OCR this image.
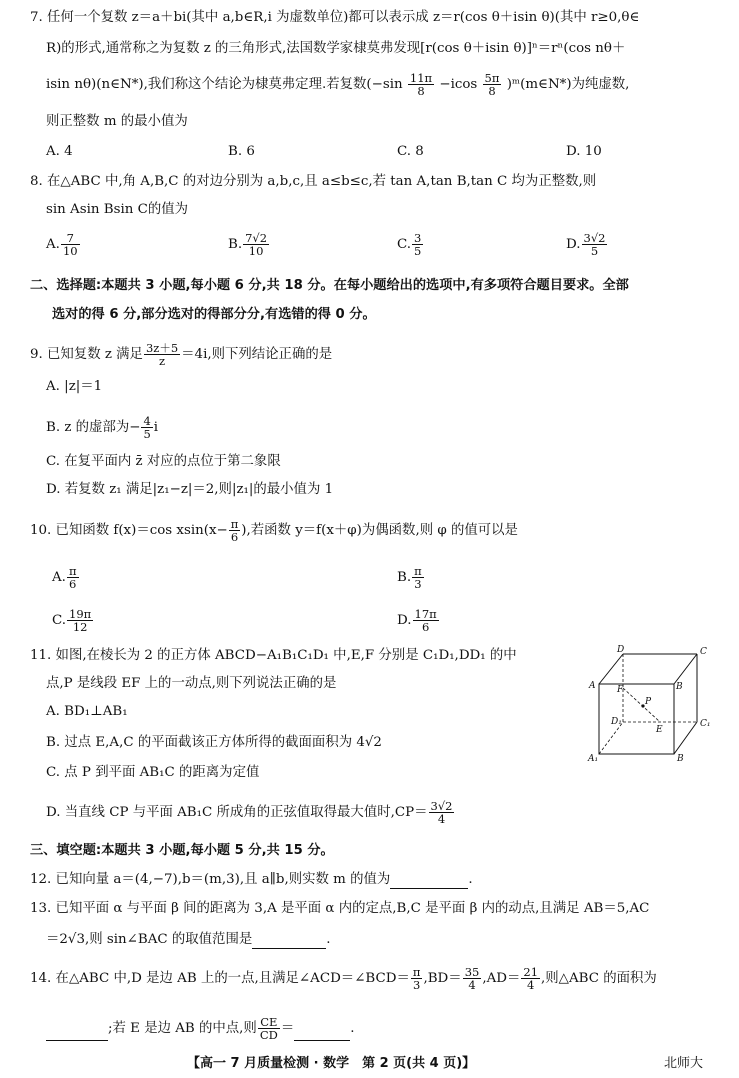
7. 任何一个复数 z＝a＋bi(其中 a,b∈R,i 为虚数单位)都可以表示成 z＝r(cos θ＋isin θ)(其中 r≥0,θ∈
R)的形式,通常称之为复数 z 的三角形式,法国数学家棣莫弗发现[r(cos θ＋isin θ)]ⁿ＝rⁿ(cos nθ＋
isin nθ)(n∈N*),我们称这个结论为棣莫弗定理.若复数($-\sin \frac{11\pi}{8} -icos \frac{5\pi}{8}$ )ᵐ(m∈N*)为纯虚数,
则正整数 m 的最小值为
A. 4	B. 6	C. 8	D. 10
8. 在△ABC 中,角 A,B,C 的对边分别为 a,b,c,且 a≤b≤c,若 tan A,tan B,tan C 均为正整数,则
sin Asin Bsin C的值为
A. $\frac{7}{10}$	B. $\frac{7√2}{10}$	C. $\frac{3}{5}$	D. $\frac{3√2}{5}$
二、选择题:本题共 3 小题,每小题 6 分,共 18 分。在每小题给出的选项中,有多项符合题目要求。全部
选对的得 6 分,部分选对的得部分分,有选错的得 0 分。
9. 已知复数 z 满足 $\frac{3z+5}{z} =4i$,则下列结论正确的是
A. |z|＝1
B. z 的虚部为− $\frac{4}{5}$ i
C. 在复平面内 z̄ 对应的点位于第二象限
D. 若复数 z₁ 满足|z₁−z|＝2,则|z₁|的最小值为 1
10. 已知函数 f(x)＝cos $xsin(x- \frac{\pi}{6}$ ),若函数 y＝f(x＋φ)为偶函数,则 φ 的值可以是
A. $\frac{\pi}{6}$	B. $\frac{\pi}{3}$
C. $\frac{19\pi}{12}$	D. $\frac{17\pi}{6}$
11. 如图,在棱长为 2 的正方体 ABCD−A₁B₁C₁D₁ 中,E,F 分别是 C₁D₁,DD₁ 的中
点,P 是线段 EF 上的一动点,则下列说法正确的是
A. BD₁⊥AB₁
B. 过点 E,A,C 的平面截该正方体所得的截面面积为 4√2
C. 点 P 到平面 AB₁C 的距离为定值
D. 当直线 CP 与平面 AB₁C 所成角的正弦值取得最大值时$,CP= \frac{3√2}{4}$
D	C
A	B
F
P
D₁
E
C₁
A₁	B
三、填空题:本题共 3 小题,每小题 5 分,共 15 分。
12. 已知向量 a＝(4,−7),b＝(m,3),且 a∥b,则实数 m 的值为	.
13. 已知平面 α 与平面 β 间的距离为 3,A 是平面 α 内的定点,B,C 是平面 β 内的动点,且满足 AB＝5,AC
＝2√3,则 sin∠BAC 的取值范围是	.
14. 在△ABC 中,D 是边 AB 上的一点,且满足∠ACD＝∠BCD＝ $\frac{\pi}{3} ,BD= \frac{35}{4} ,AD= \frac{21}{4}$ ,则△ABC 的面积为
;若 E 是边 AB 的中点,则 $\frac{CE}{CD}$ ＝	.
【高一 7 月质量检测 · 数学　第 2 页(共 4 页)】	北师大
